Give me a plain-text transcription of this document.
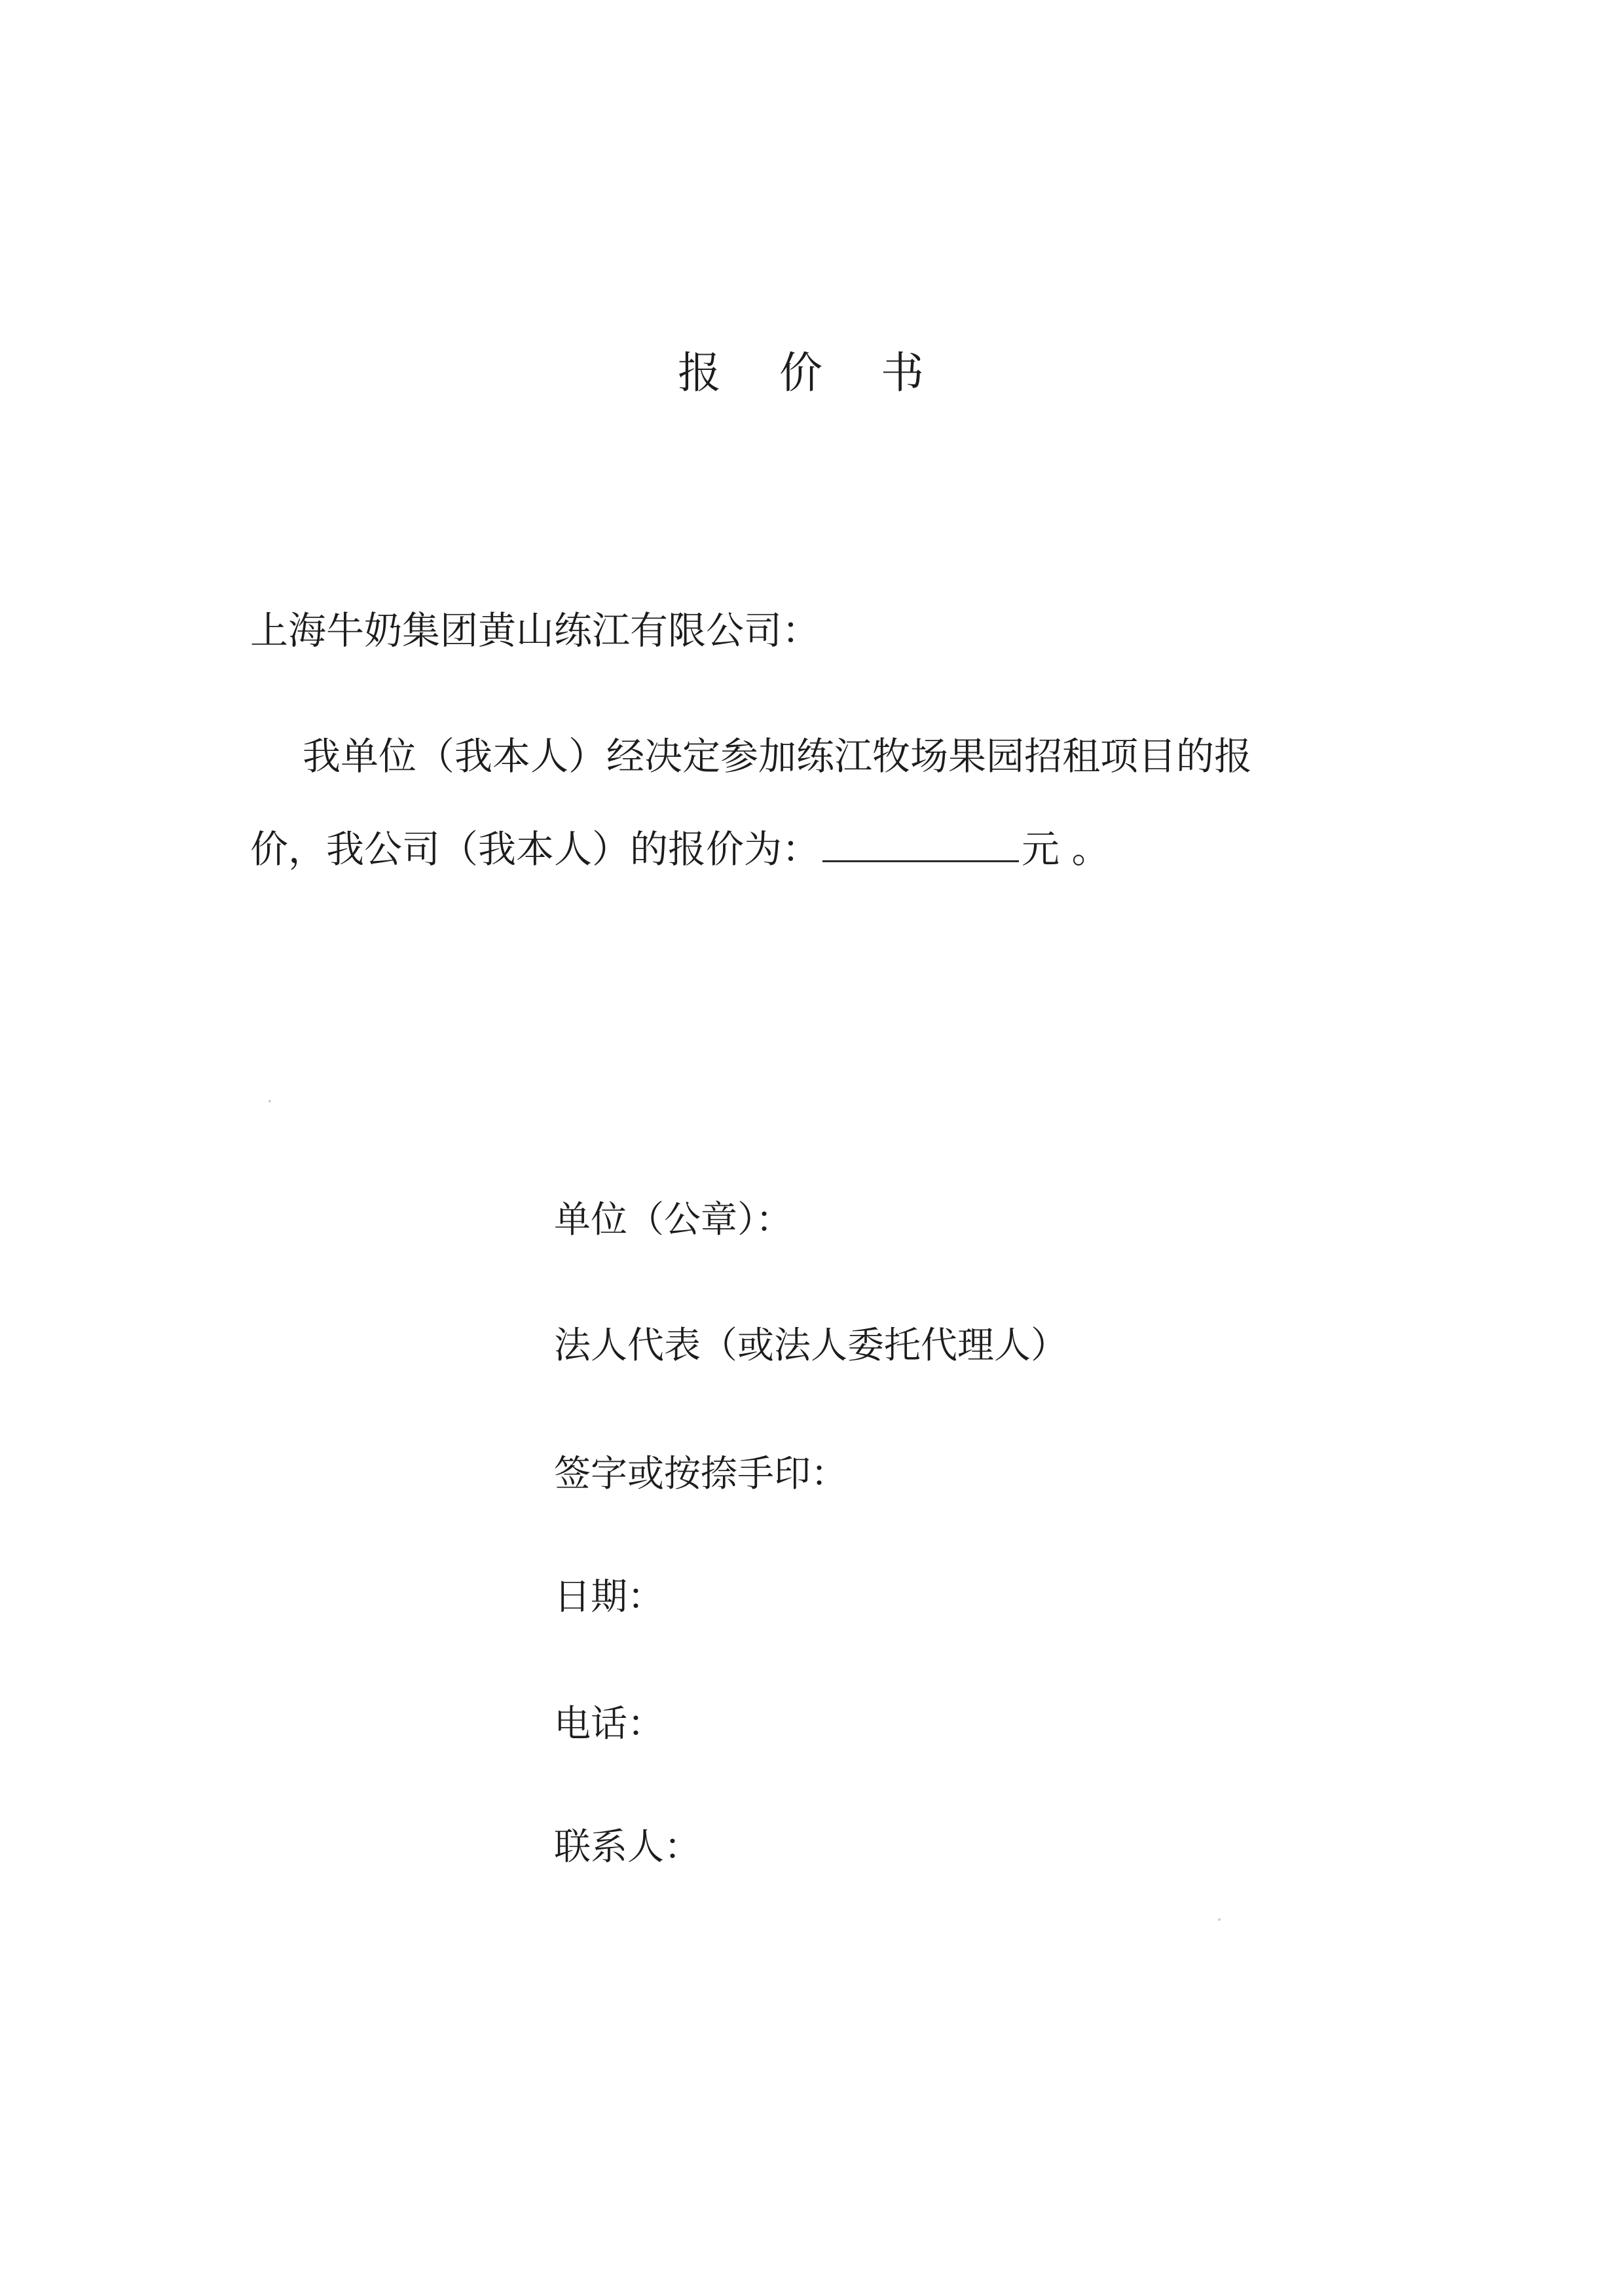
报 价 书
上海牛奶集团黄山练江有限公司：
我单位（我本人）经决定参加练江牧场果园招租项目的报
价，我公司（我本人）的报价为：	元 。
单位（公章）：
法人代表（或法人委托代理人）
签字或按捺手印：
日期：
电话：
联系人：
